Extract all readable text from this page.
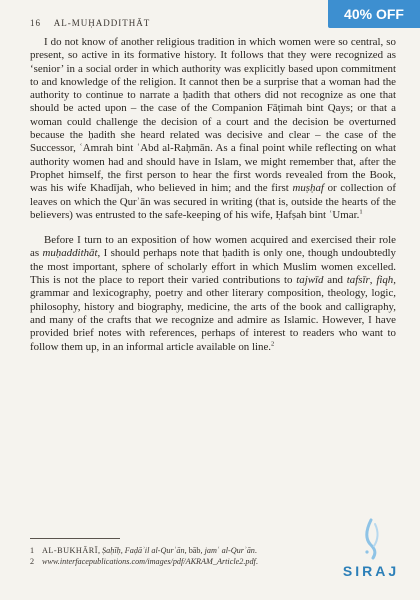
16 AL-MUḤADDITHĀT
40% OFF

I do not know of another religious tradition in which women were so central, so present, so active in its formative history. It follows that they were recognized as ‘senior’ in a social order in which authority was explicitly based upon commitment to and knowledge of the religion. It cannot then be a surprise that a woman had the authority to continue to narrate a ḥadith that others did not recognize as one that should be acted upon – the case of the Companion Fāṭimah bint Qays; or that a woman could challenge the decision of a court and the decision be overturned because the ḥadith she heard related was decisive and clear – the case of the Successor, ʿAmrah bint ʿAbd al-Raḥmān. As a final point while reflecting on what authority women had and should have in Islam, we might remember that, after the Prophet himself, the first person to hear the first words revealed from the Book, was his wife Khadījah, who believed in him; and the first muṣḥaf or collection of leaves on which the Qurʾān was secured in writing (that is, outside the hearts of the believers) was entrusted to the safe-keeping of his wife, Ḥafṣah bint ʿUmar.$^1$

Before I turn to an exposition of how women acquired and exercised their role as muḥaddithāt, I should perhaps note that ḥadith is only one, though undoubtedly the most important, sphere of scholarly effort in which Muslim women excelled. This is not the place to report their varied contributions to tajwīd and tafsīr, fiqh, grammar and lexicography, poetry and other literary composition, theology, logic, philosophy, history and biography, medicine, the arts of the book and calligraphy, and many of the crafts that we recognize and admire as Islamic. However, I have provided brief notes with references, perhaps of interest to readers who want to follow them up, in an informal article available on line.$^2$

1 AL-BUKHĀRĪ, Ṣaḥīḥ, Faḍāʾil al-Qurʾān, bāb, jamʿ al-Qurʾān.
2 www.interfacepublications.com/images/pdf/AKRAM_Article2.pdf.
SIRAJ
